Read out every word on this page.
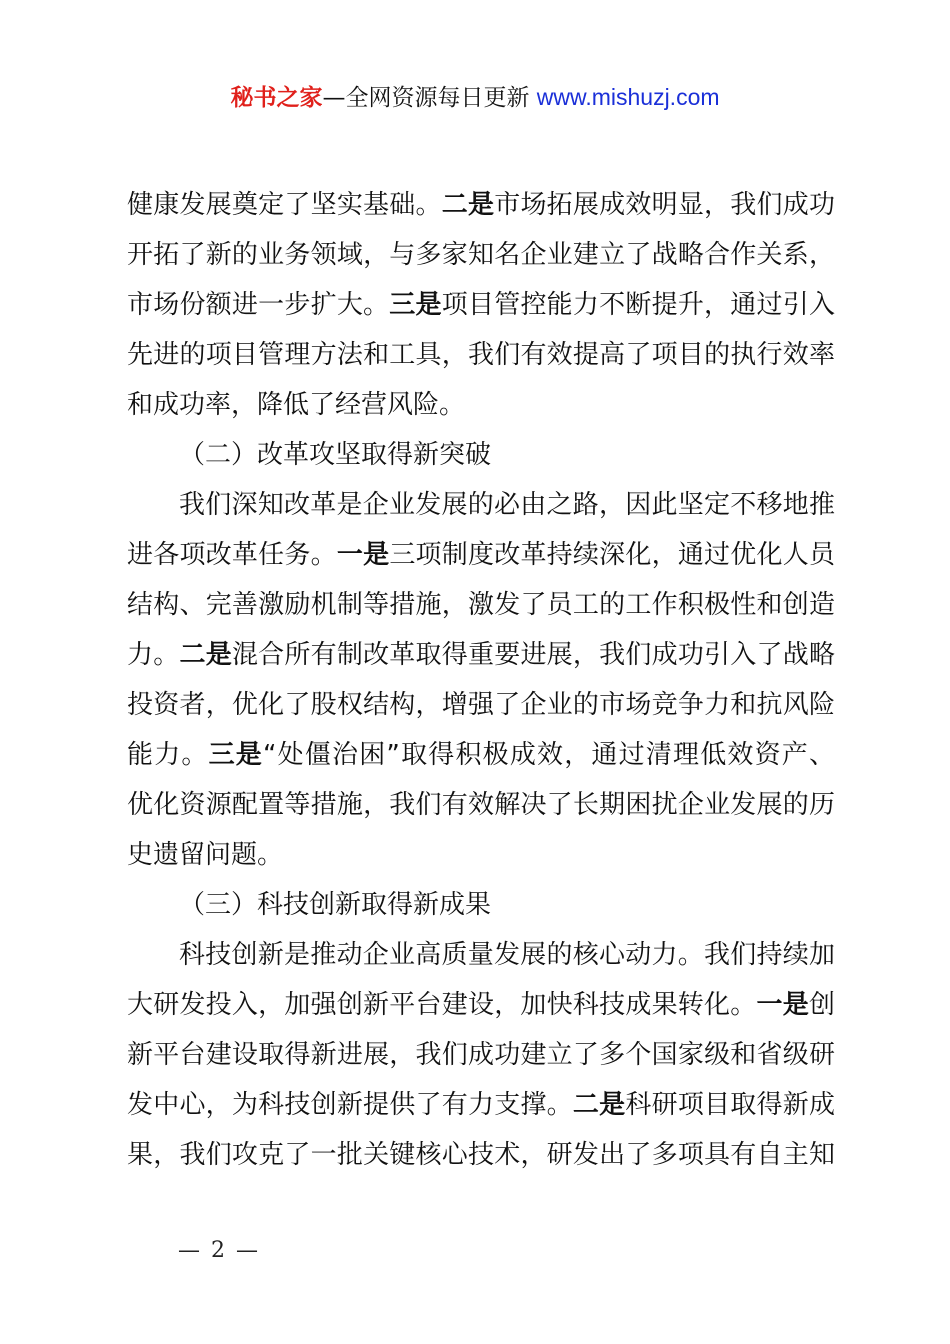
秘书之家—全网资源每日更新 www.mishuzj.com
健康发展奠定了坚实基础。二是市场拓展成效明显，我们成功
开拓了新的业务领域，与多家知名企业建立了战略合作关系，
市场份额进一步扩大。三是项目管控能力不断提升，通过引入
先进的项目管理方法和工具，我们有效提高了项目的执行效率
和成功率，降低了经营风险。
（二）改革攻坚取得新突破
我们深知改革是企业发展的必由之路，因此坚定不移地推
进各项改革任务。一是三项制度改革持续深化，通过优化人员
结构、完善激励机制等措施，激发了员工的工作积极性和创造
力。二是混合所有制改革取得重要进展，我们成功引入了战略
投资者，优化了股权结构，增强了企业的市场竞争力和抗风险
能力。三是“处僵治困”取得积极成效，通过清理低效资产、
优化资源配置等措施，我们有效解决了长期困扰企业发展的历
史遗留问题。
（三）科技创新取得新成果
科技创新是推动企业高质量发展的核心动力。我们持续加
大研发投入，加强创新平台建设，加快科技成果转化。一是创
新平台建设取得新进展，我们成功建立了多个国家级和省级研
发中心，为科技创新提供了有力支撑。二是科研项目取得新成
果，我们攻克了一批关键核心技术，研发出了多项具有自主知
— 2 —
